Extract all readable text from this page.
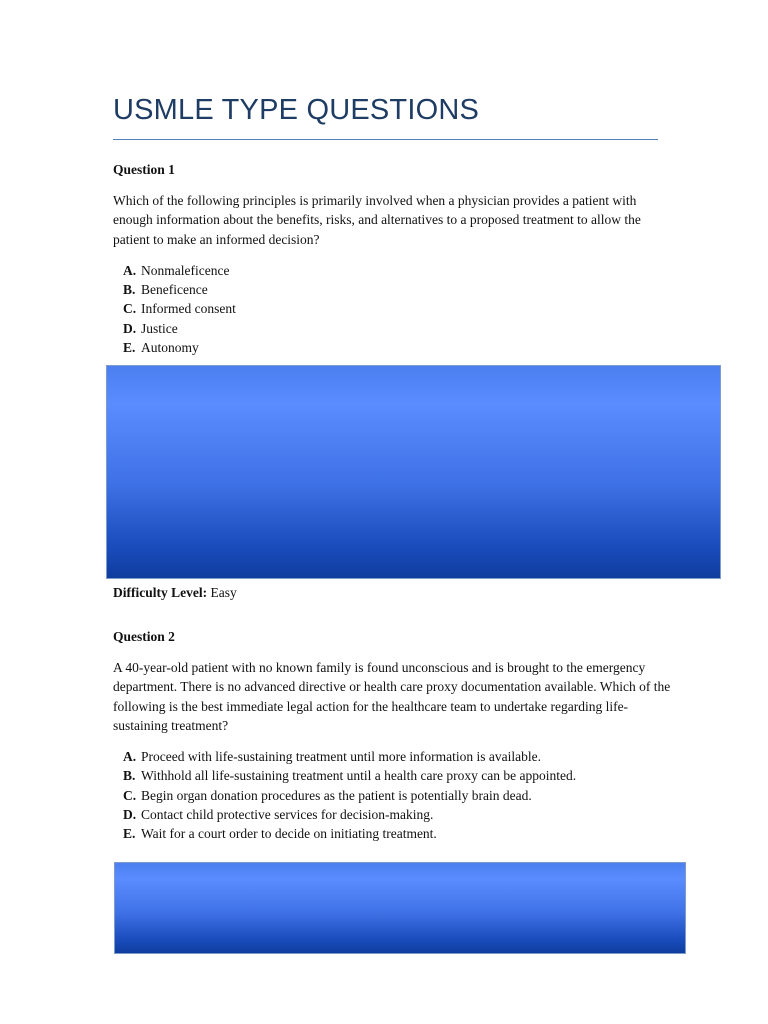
USMLE TYPE QUESTIONS

Question 1

Which of the following principles is primarily involved when a physician provides a patient with enough information about the benefits, risks, and alternatives to a proposed treatment to allow the patient to make an informed decision?

A. Nonmaleficence
B. Beneficence
C. Informed consent
D. Justice
E. Autonomy

Difficulty Level: Easy

Question 2

A 40-year-old patient with no known family is found unconscious and is brought to the emergency department. There is no advanced directive or health care proxy documentation available. Which of the following is the best immediate legal action for the healthcare team to undertake regarding life-sustaining treatment?

A. Proceed with life-sustaining treatment until more information is available.
B. Withhold all life-sustaining treatment until a health care proxy can be appointed.
C. Begin organ donation procedures as the patient is potentially brain dead.
D. Contact child protective services for decision-making.
E. Wait for a court order to decide on initiating treatment.
